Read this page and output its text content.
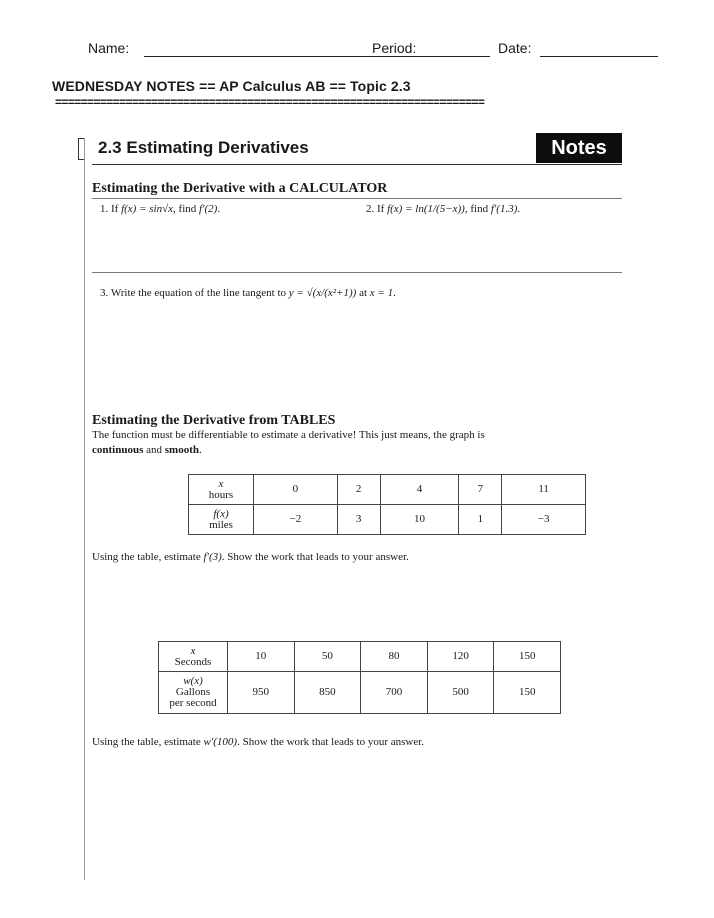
Name:	Period:	Date:
WEDNESDAY NOTES == AP Calculus AB == Topic 2.3
===================================================================
2.3 Estimating Derivatives	Notes
Estimating the Derivative with a CALCULATOR
1. If f(x) = sin√x, find f′(2).	2. If f(x) = ln(1/(5−x)), find f′(1.3).
3. Write the equation of the line tangent to y = √(x/(x²+1)) at x = 1.
Estimating the Derivative from TABLES
The function must be differentiable to estimate a derivative! This just means, the graph is
continuous and smooth.
x
hours	0	2	4	7	11

f(x)
miles	−2	3	10	1	−3
Using the table, estimate f′(3). Show the work that leads to your answer.
x
Seconds	10	50	80	120	150

w(x)
Gallons
per second	950	850	700	500	150
Using the table, estimate w′(100). Show the work that leads to your answer.
